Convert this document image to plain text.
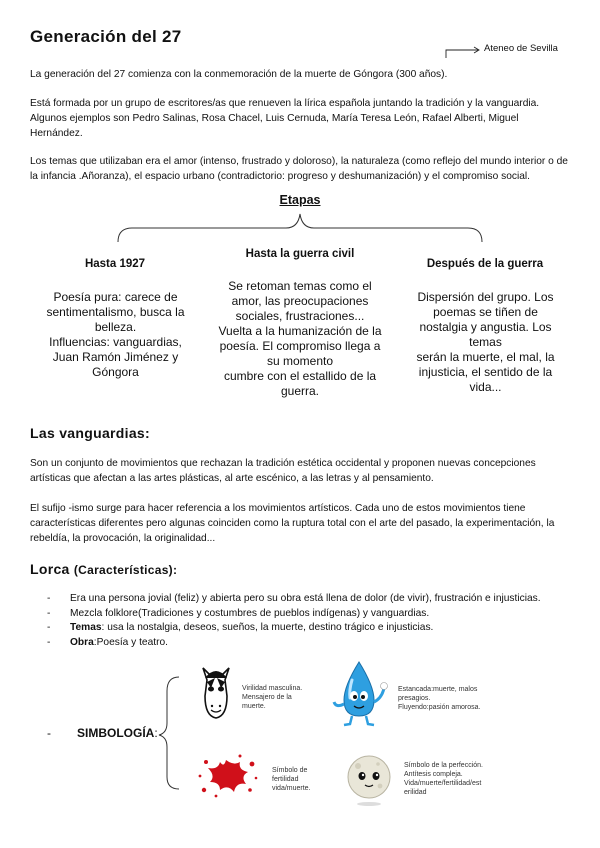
Generación del 27
Ateneo de Sevilla

La generación del 27 comienza con la conmemoración de la muerte de Góngora (300 años).

Está formada por un grupo de escritores/as que renueven la lírica española juntando la tradición y la vanguardia. Algunos ejemplos son Pedro Salinas, Rosa Chacel, Luis Cernuda, María Teresa León, Rafael Alberti, Miguel Hernández.

Los temas que utilizaban era el amor (intenso, frustrado y doloroso), la naturaleza (como reflejo del mundo interior o de la infancia .Añoranza), el espacio urbano (contradictorio: progreso y deshumanización) y el compromiso social.

Etapas
Hasta 1927
Hasta la guerra civil
Después de la guerra
Poesía pura: carece de
sentimentalismo, busca la
belleza.
Influencias: vanguardias,
Juan Ramón Jiménez y
Góngora
Se retoman temas como el
amor, las preocupaciones
sociales, frustraciones...
Vuelta a la humanización de la
poesía. El compromiso llega a
su momento
cumbre con el estallido de la
guerra.
Dispersión del grupo. Los
poemas se tiñen de
nostalgia y angustia. Los
temas
serán la muerte, el mal, la
injusticia, el sentido de la
vida...
Las vanguardias:

Son un conjunto de movimientos que rechazan la tradición estética occidental y proponen nuevas concepciones artísticas que afectan a las artes plásticas, al arte escénico, a las letras y al pensamiento.

El sufijo -ismo surge para hacer referencia a los movimientos artísticos. Cada uno de estos movimientos tiene características diferentes pero algunas coinciden como la ruptura total con el arte del pasado, la experimentación, la rebeldía, la provocación, la originalidad...

Lorca (Características):
- Era una persona jovial (feliz) y abierta pero su obra está llena de dolor (de vivir), frustración e injusticias.
- Mezcla folklore(Tradiciones y costumbres de pueblos indígenas) y vanguardias.
- Temas: usa la nostalgia, deseos, sueños, la muerte, destino trágico e injusticias.
- Obra:Poesía y teatro.
- SIMBOLOGÍA:
Virilidad masculina.
Mensajero de la
muerte.
Estancada:muerte, malos
presagios.
Fluyendo:pasión amorosa.
Símbolo de
fertilidad
vida/muerte.
Símbolo de la perfección.
Antítesis compleja.
Vida/muerte/fertilidad/est
erilidad
